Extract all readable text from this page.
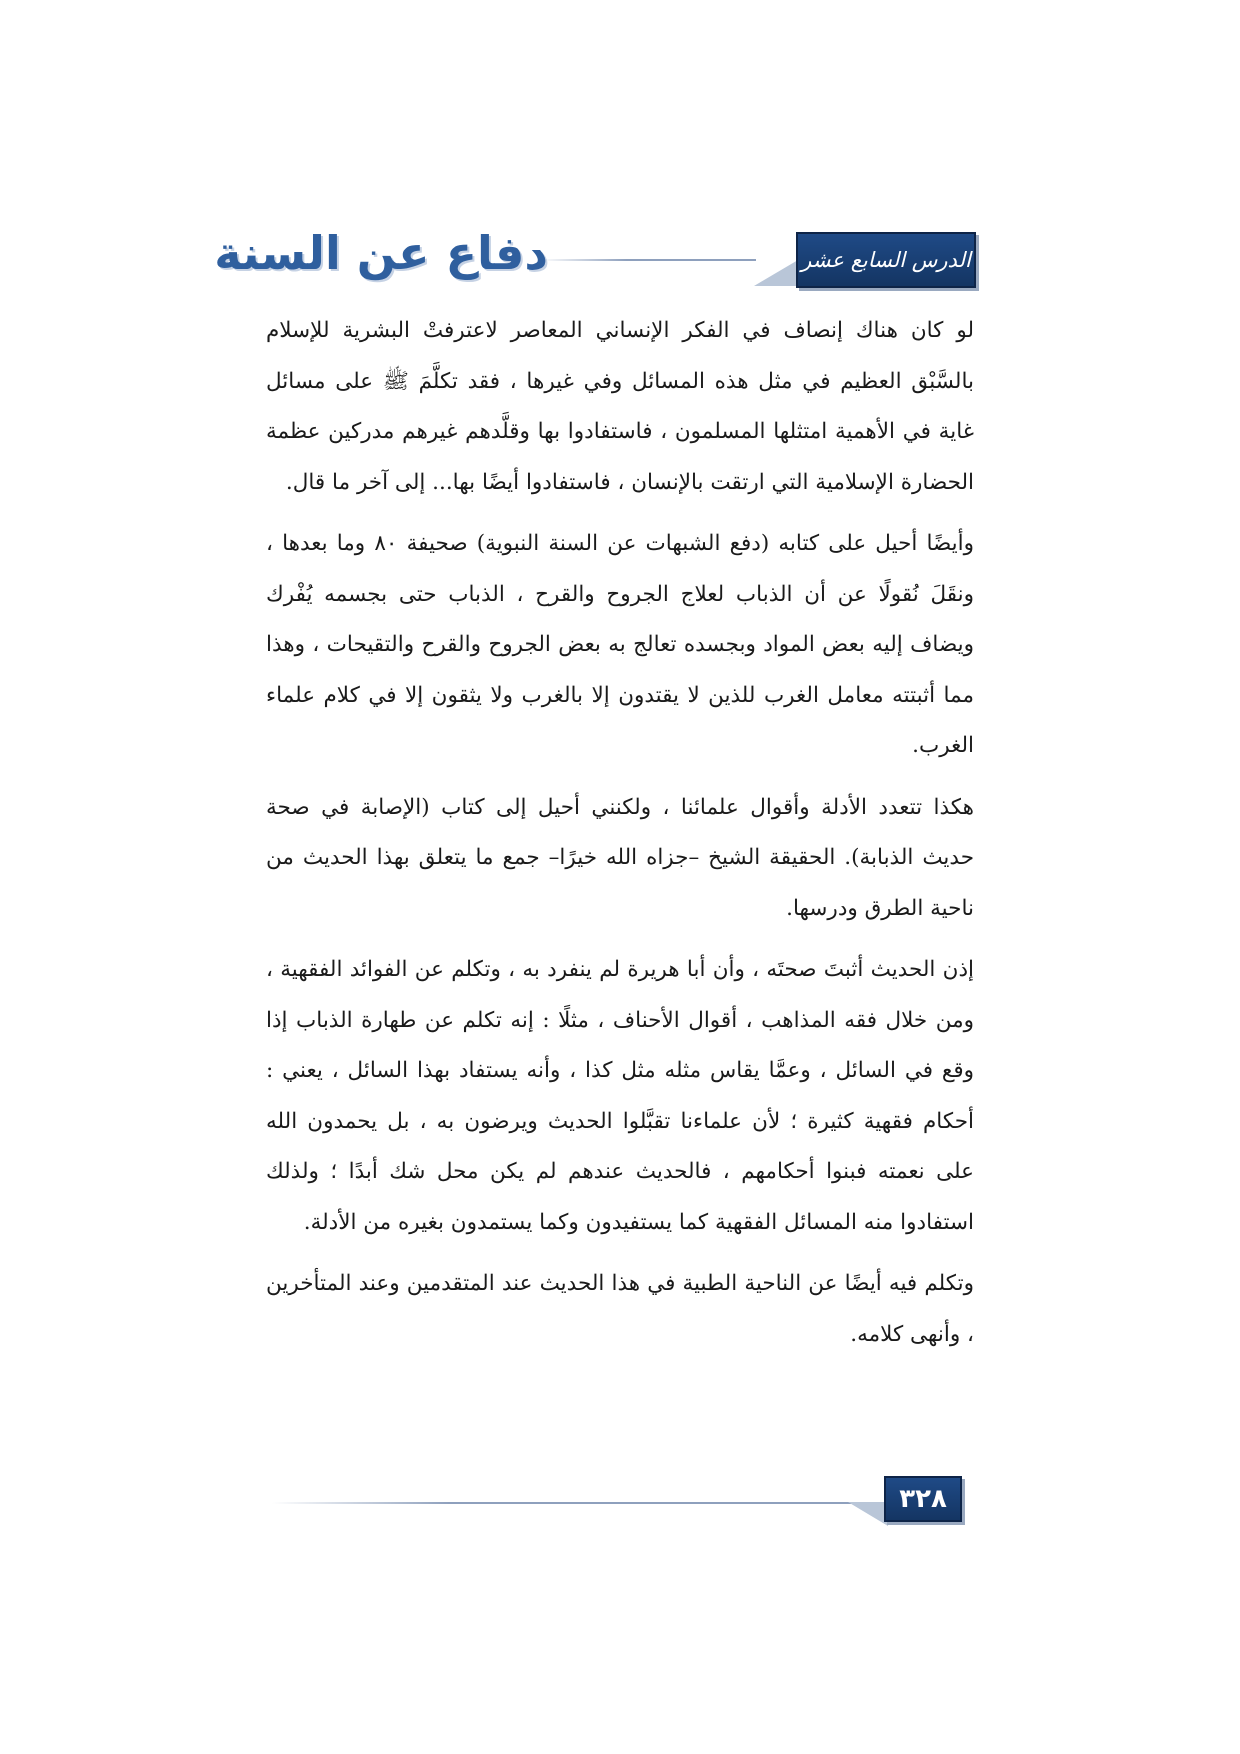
الدرس السابع عشر
دفاع عن السنة

لو كان هناك إنصاف في الفكر الإنساني المعاصر لاعترفتْ البشرية للإسلام بالسَّبْق العظيم في مثل هذه المسائل وفي غيرها ، فقد تكلَّمَ ﷺ على مسائل غاية في الأهمية امتثلها المسلمون ، فاستفادوا بها وقلَّدهم غيرهم مدركين عظمة الحضارة الإسلامية التي ارتقت بالإنسان ، فاستفادوا أيضًا بها... إلى آخر ما قال.

وأيضًا أحيل على كتابه (دفع الشبهات عن السنة النبوية) صحيفة ٨٠ وما بعدها ، ونقَلَ نُقولًا عن أن الذباب لعلاج الجروح والقرح ، الذباب حتى بجسمه يُفْرك ويضاف إليه بعض المواد وبجسده تعالج به بعض الجروح والقرح والتقيحات ، وهذا مما أثبتته معامل الغرب للذين لا يقتدون إلا بالغرب ولا يثقون إلا في كلام علماء الغرب.

هكذا تتعدد الأدلة وأقوال علمائنا ، ولكنني أحيل إلى كتاب (الإصابة في صحة حديث الذبابة). الحقيقة الشيخ –جزاه الله خيرًا– جمع ما يتعلق بهذا الحديث من ناحية الطرق ودرسها.

إذن الحديث أثبتَ صحتَه ، وأن أبا هريرة لم ينفرد به ، وتكلم عن الفوائد الفقهية ، ومن خلال فقه المذاهب ، أقوال الأحناف ، مثلًا : إنه تكلم عن طهارة الذباب إذا وقع في السائل ، وعمَّا يقاس مثله مثل كذا ، وأنه يستفاد بهذا السائل ، يعني : أحكام فقهية كثيرة ؛ لأن علماءنا تقبَّلوا الحديث ويرضون به ، بل يحمدون الله على نعمته فبنوا أحكامهم ، فالحديث عندهم لم يكن محل شك أبدًا ؛ ولذلك استفادوا منه المسائل الفقهية كما يستفيدون وكما يستمدون بغيره من الأدلة.

وتكلم فيه أيضًا عن الناحية الطبية في هذا الحديث عند المتقدمين وعند المتأخرين ، وأنهى كلامه.

٣٢٨
